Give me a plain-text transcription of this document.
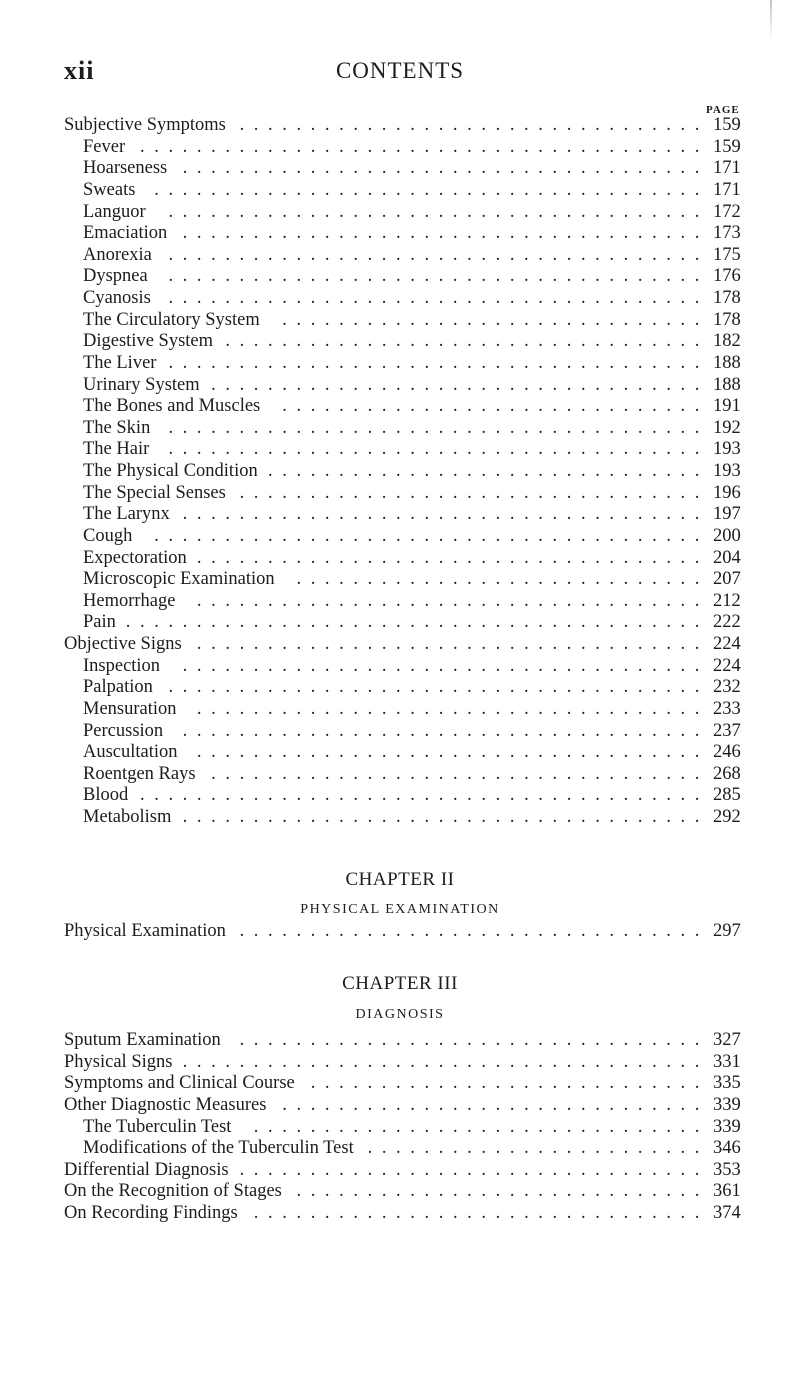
xii	CONTENTS
PAGE
Subjective Symptoms ................................. 159
Fever ........................................ 159
Hoarseness ..................................... 171
Sweats	....................................... 171
Languor	...................................... 172
Emaciation ..................................... 173
Anorexia ...................................... 175
Dyspnea	...................................... 176
Cyanosis ...................................... 178
The Circulatory System	.............................. 178
Digestive System .................................. 182
The Liver ...................................... 188
Urinary System ................................... 188
The Bones and Muscles	.............................. 191
The Skin ...................................... 192
The Hair	...................................... 193
The Physical Condition ............................... 193
The Special Senses ................................. 196
The Larynx ..................................... 197
Cough	....................................... 200
Expectoration .................................... 204
Microscopic Examination	............................. 207
Hemorrhage	.................................... 212
Pain ......................................... 222
Objective Signs .................................... 224
Inspection	..................................... 224
Palpation ...................................... 232
Mensuration	.................................... 233
Percussion	..................................... 237
Auscultation	.................................... 246
Roentgen Rays ................................... 268
Blood ........................................ 285
Metabolism ..................................... 292
CHAPTER II
PHYSICAL EXAMINATION
Physical Examination ................................. 297
CHAPTER III
DIAGNOSIS
Sputum Examination	................................. 327
Physical Signs ..................................... 331
Symptoms and Clinical Course ............................ 335
Other Diagnostic Measures .............................. 339
The Tuberculin Test	................................ 339
Modifications of the Tuberculin Test ........................ 346
Differential Diagnosis ................................. 353
On the Recognition of Stages ............................. 361
On Recording Findings ................................ 374
